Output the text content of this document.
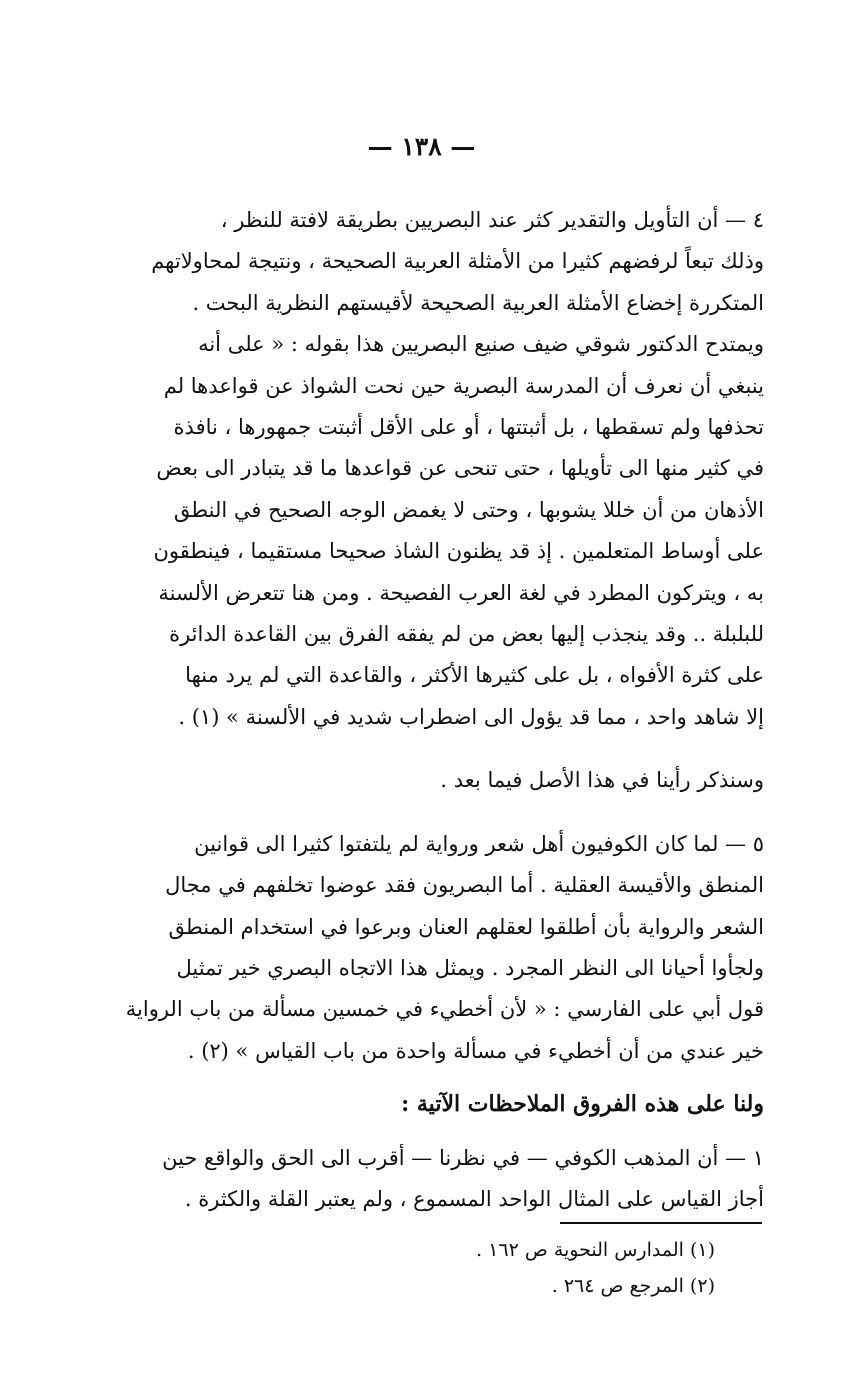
— ١٣٨ —
٤ — أن التأويل والتقدير كثر عند البصريين بطريقة لافتة للنظر ،
وذلك تبعاً لرفضهم كثيرا من الأمثلة العربية الصحيحة ، ونتيجة لمحاولاتهم
المتكررة إخضاع الأمثلة العربية الصحيحة لأقيستهم النظرية البحت .
ويمتدح الدكتور شوقي ضيف صنيع البصريين هذا بقوله : « على أنه
ينبغي أن نعرف أن المدرسة البصرية حين نحت الشواذ عن قواعدها لم
تحذفها ولم تسقطها ، بل أثبتتها ، أو على الأقل أثبتت جمهورها ، نافذة
في كثير منها الى تأويلها ، حتى تنحى عن قواعدها ما قد يتبادر الى بعض
الأذهان من أن خللا يشوبها ، وحتى لا يغمض الوجه الصحيح في النطق
على أوساط المتعلمين . إذ قد يظنون الشاذ صحيحا مستقيما ، فينطقون
به ، ويتركون المطرد في لغة العرب الفصيحة . ومن هنا تتعرض الألسنة
للبلبلة .. وقد ينجذب إليها بعض من لم يفقه الفرق بين القاعدة الدائرة
على كثرة الأفواه ، بل على كثيرها الأكثر ، والقاعدة التي لم يرد منها
إلا شاهد واحد ، مما قد يؤول الى اضطراب شديد في الألسنة » (١) .
وسنذكر رأينا في هذا الأصل فيما بعد .
٥ — لما كان الكوفيون أهل شعر ورواية لم يلتفتوا كثيرا الى قوانين
المنطق والأقيسة العقلية . أما البصريون فقد عوضوا تخلفهم في مجال
الشعر والرواية بأن أطلقوا لعقلهم العنان وبرعوا في استخدام المنطق
ولجأوا أحيانا الى النظر المجرد . ويمثل هذا الاتجاه البصري خير تمثيل
قول أبي على الفارسي : « لأن أخطيء في خمسين مسألة من باب الرواية
خير عندي من أن أخطيء في مسألة واحدة من باب القياس » (٢) .
ولنا على هذه الفروق الملاحظات الآتية :
١ — أن المذهب الكوفي — في نظرنا — أقرب الى الحق والواقع حين
أجاز القياس على المثال الواحد المسموع ، ولم يعتبر القلة والكثرة .
(١) المدارس النحوية ص ١٦٢ .
(٢) المرجع ص ٢٦٤ .
